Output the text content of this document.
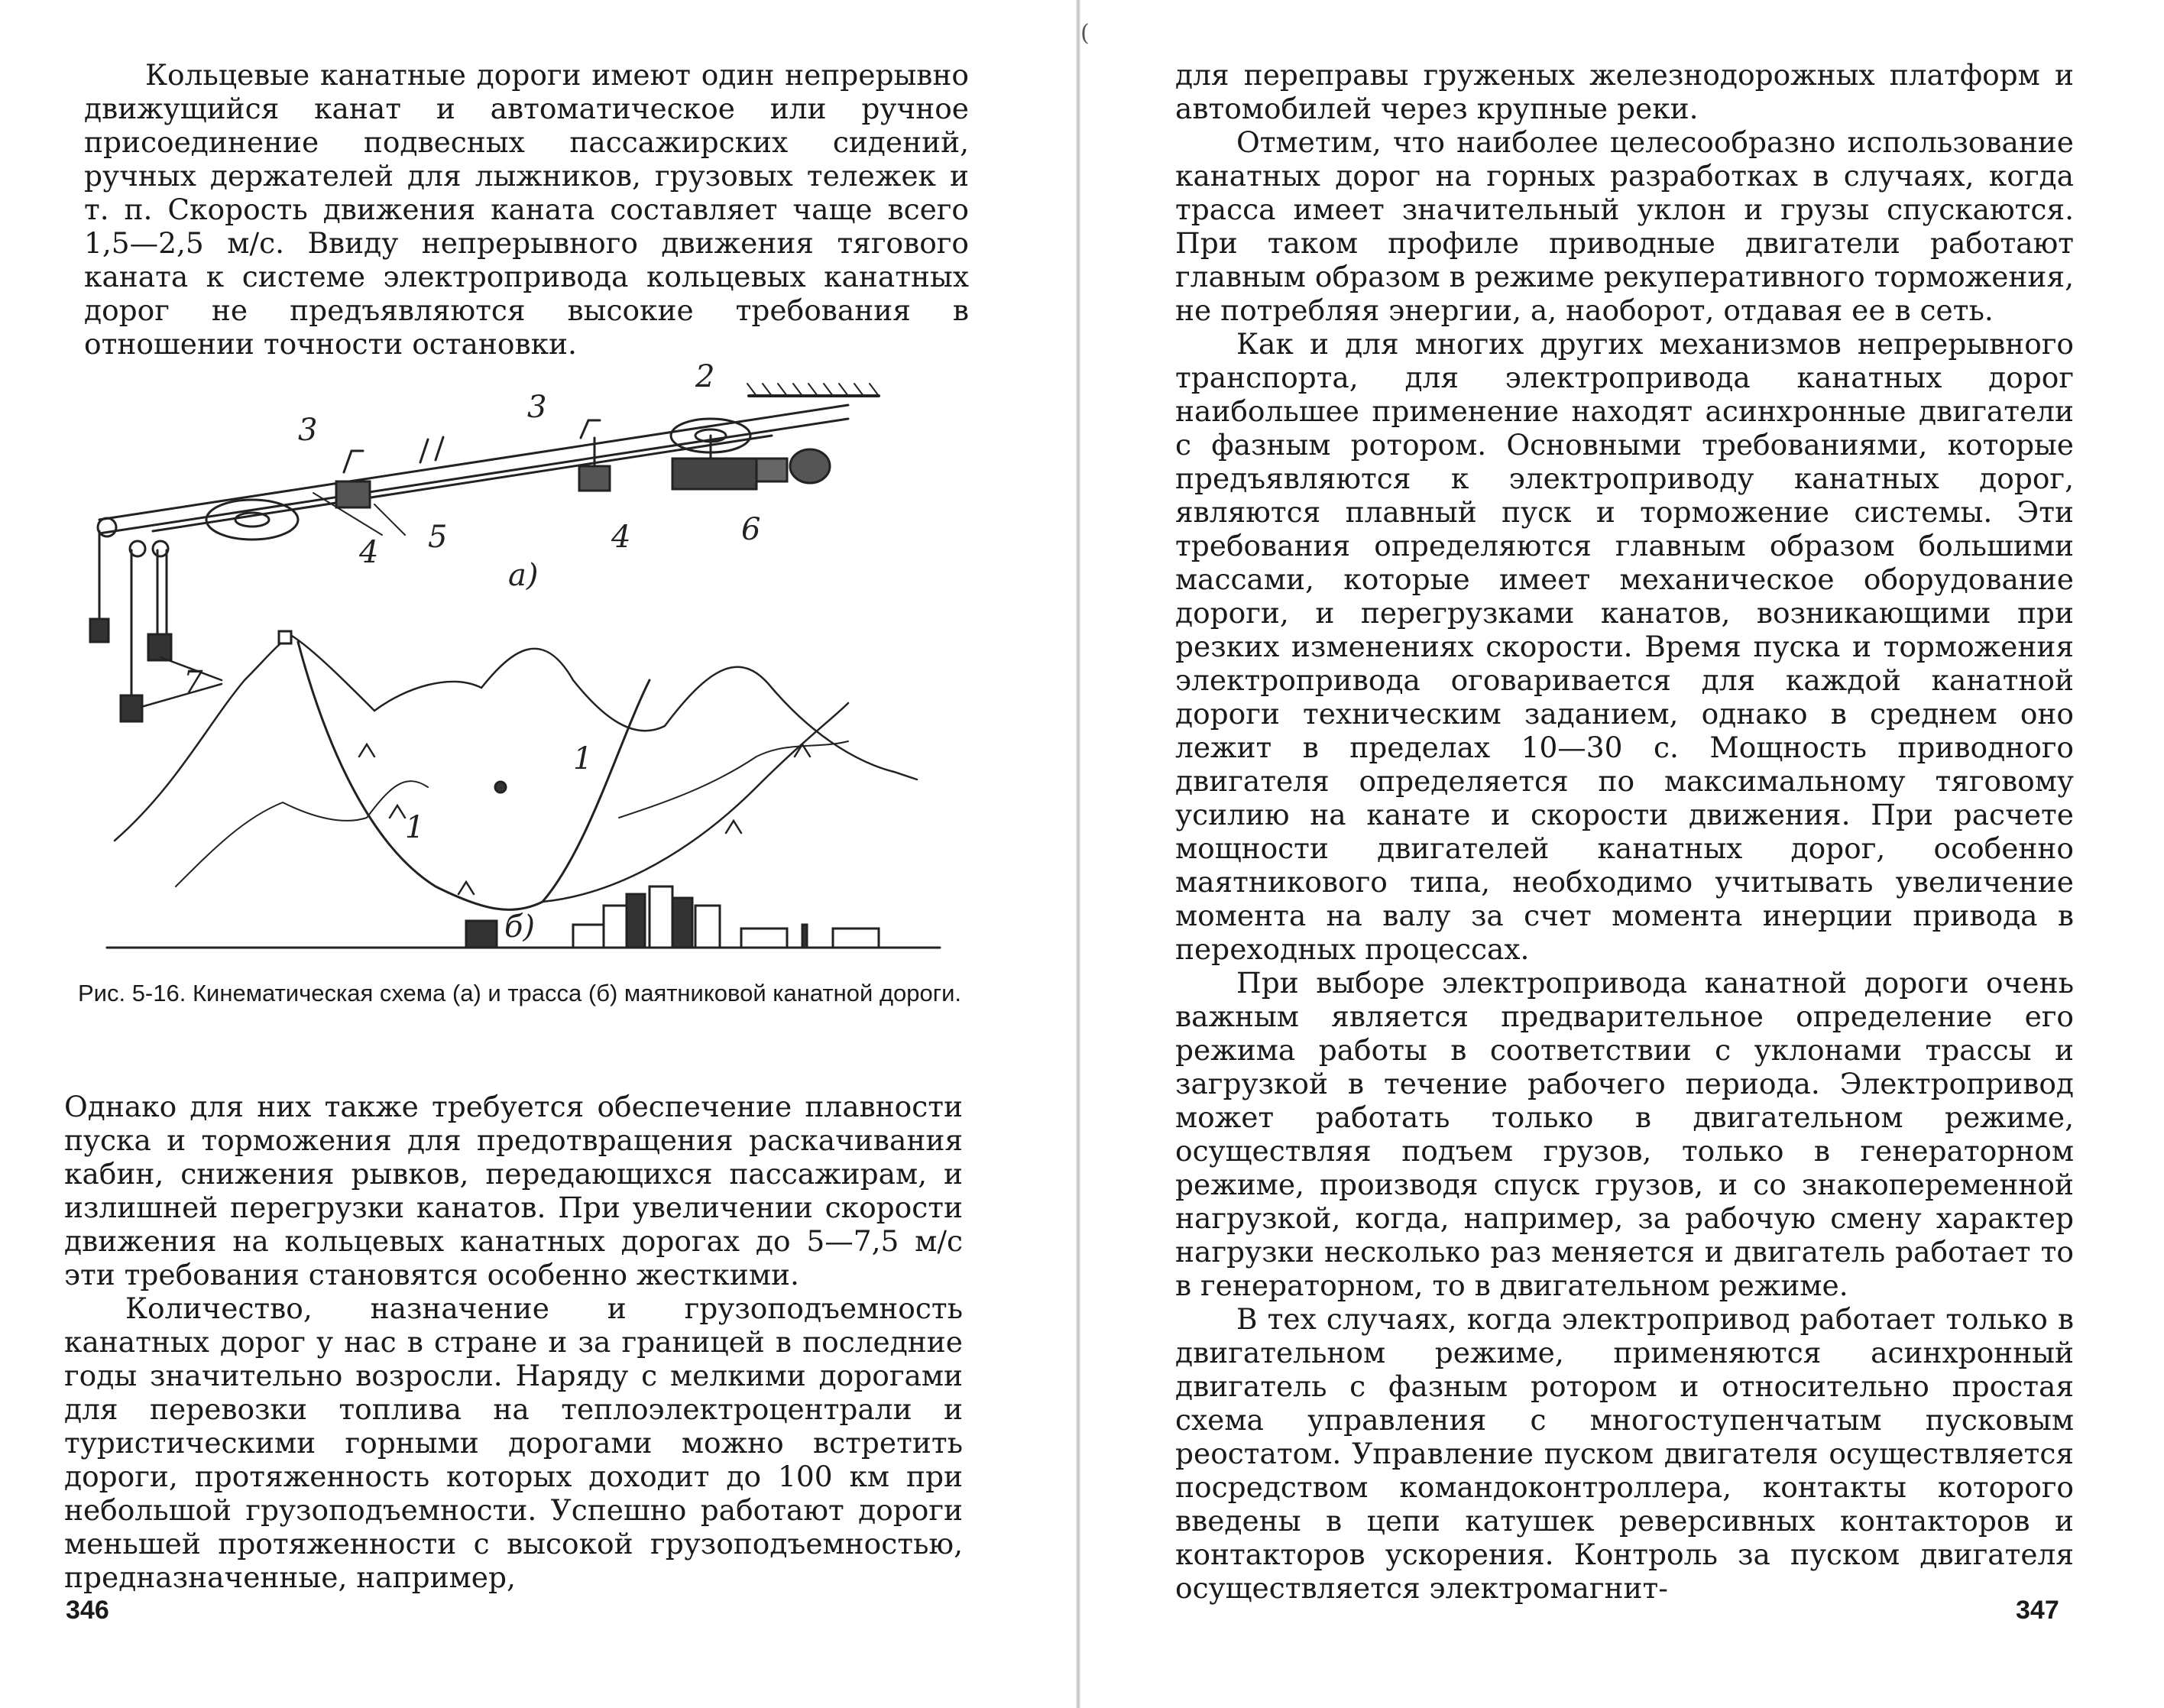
Кольцевые канатные дороги имеют один непрерывно движущийся канат и автоматическое или ручное присоединение подвесных пассажирских сидений, ручных держателей для лыжников, грузовых тележек и т. п. Скорость движения каната составляет чаще всего 1,5—2,5 м/с. Ввиду непрерывного движения тягового каната к системе электропривода кольцевых канатных дорог не предъявляются высокие требования в отношении точности остановки.

3
2
3
4	4
5	6
7
1
1
а)
б)
Рис. 5-16. Кинематическая схема (а) и трасса (б) маятниковой канатной дороги.

Однако для них также требуется обеспечение плавности пуска и торможения для предотвращения раскачивания кабин, снижения рывков, передающихся пассажирам, и излишней перегрузки канатов. При увеличении скорости движения на кольцевых канатных дорогах до 5—7,5 м/с эти требования становятся особенно жесткими.

Количество, назначение и грузоподъемность канатных дорог у нас в стране и за границей в последние годы значительно возросли. Наряду с мелкими дорогами для перевозки топлива на теплоэлектроцентрали и туристическими горными дорогами можно встретить дороги, протяженность которых доходит до 100 км при небольшой грузоподъемности. Успешно работают дороги меньшей протяженности с высокой грузоподъемностью, предназначенные, например,

346
(

для переправы груженых железнодорожных платформ и автомобилей через крупные реки.

Отметим, что наиболее целесообразно использование канатных дорог на горных разработках в случаях, когда трасса имеет значительный уклон и грузы спускаются. При таком профиле приводные двигатели работают главным образом в режиме рекуперативного торможения, не потребляя энергии, а, наоборот, отдавая ее в сеть.

Как и для многих других механизмов непрерывного транспорта, для электропривода канатных дорог наибольшее применение находят асинхронные двигатели с фазным ротором. Основными требованиями, которые предъявляются к электроприводу канатных дорог, являются плавный пуск и торможение системы. Эти требования определяются главным образом большими массами, которые имеет механическое оборудование дороги, и перегрузками канатов, возникающими при резких изменениях скорости. Время пуска и торможения электропривода оговаривается для каждой канатной дороги техническим заданием, однако в среднем оно лежит в пределах 10—30 с. Мощность приводного двигателя определяется по максимальному тяговому усилию на канате и скорости движения. При расчете мощности двигателей канатных дорог, особенно маятникового типа, необходимо учитывать увеличение момента на валу за счет момента инерции привода в переходных процессах.

При выборе электропривода канатной дороги очень важным является предварительное определение его режима работы в соответствии с уклонами трассы и загрузкой в течение рабочего периода. Электропривод может работать только в двигательном режиме, осуществляя подъем грузов, только в генераторном режиме, производя спуск грузов, и со знакопеременной нагрузкой, когда, например, за рабочую смену характер нагрузки несколько раз меняется и двигатель работает то в генераторном, то в двигательном режиме.

В тех случаях, когда электропривод работает только в двигательном режиме, применяются асинхронный двигатель с фазным ротором и относительно простая схема управления с многоступенчатым пусковым реостатом. Управление пуском двигателя осуществляется посредством командоконтроллера, контакты которого введены в цепи катушек реверсивных контакторов и контакторов ускорения. Контроль за пуском двигателя осуществляется электромагнит-

347
